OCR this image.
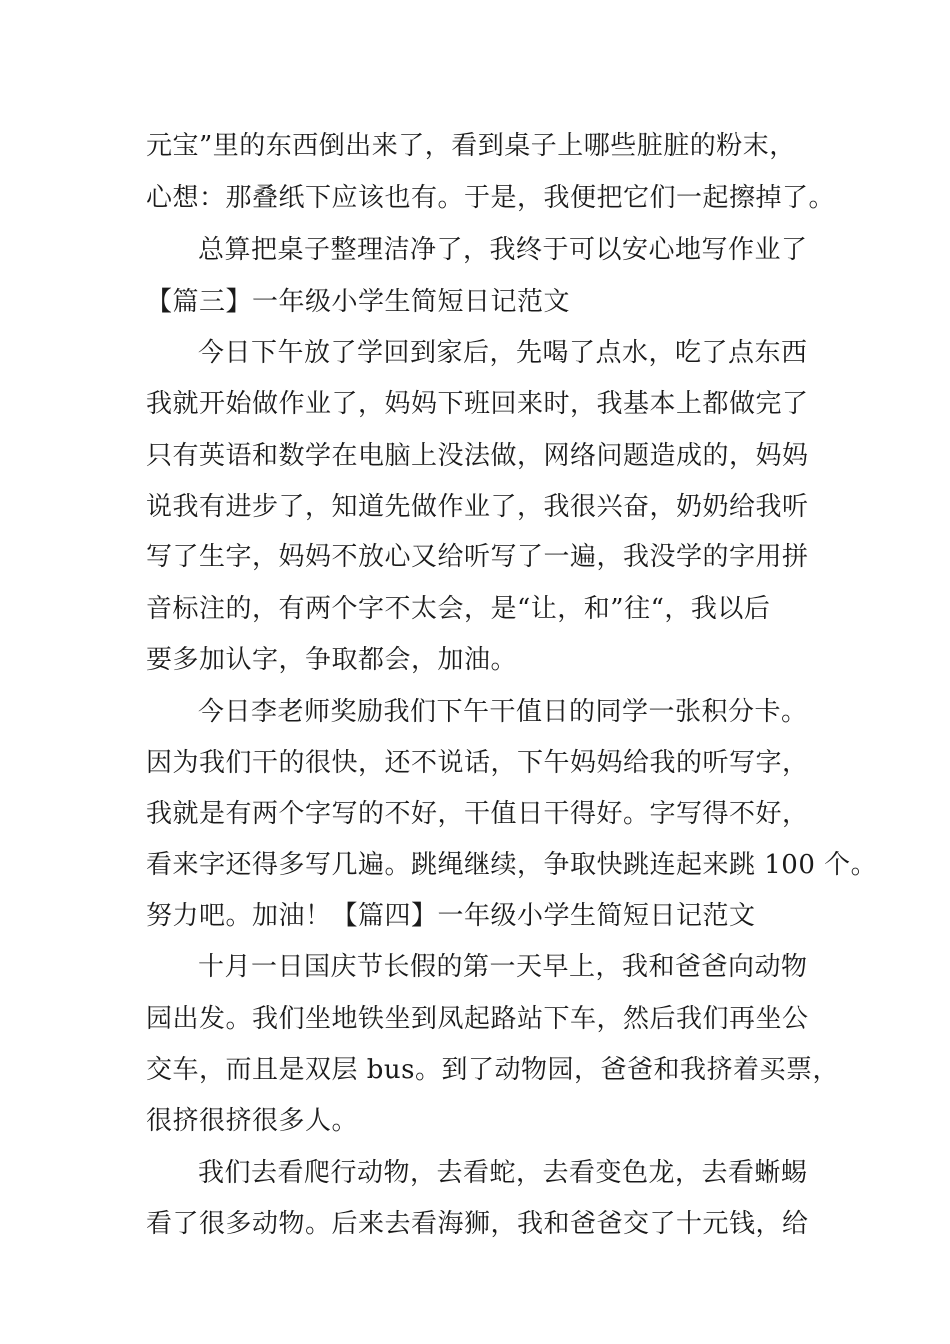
元宝”里的东西倒出来了，看到桌子上哪些脏脏的粉末，
心想：那叠纸下应该也有。于是，我便把它们一起擦掉了。
总算把桌子整理洁净了，我终于可以安心地写作业了
【篇三】一年级小学生简短日记范文
今日下午放了学回到家后，先喝了点水，吃了点东西
我就开始做作业了，妈妈下班回来时，我基本上都做完了
只有英语和数学在电脑上没法做，网络问题造成的，妈妈
说我有进步了，知道先做作业了，我很兴奋，奶奶给我听
写了生字，妈妈不放心又给听写了一遍，我没学的字用拼
音标注的，有两个字不太会，是“让，和”往“，我以后
要多加认字，争取都会，加油。
今日李老师奖励我们下午干值日的同学一张积分卡。
因为我们干的很快，还不说话，下午妈妈给我的听写字，
我就是有两个字写的不好，干值日干得好。字写得不好，
看来字还得多写几遍。跳绳继续，争取快跳连起来跳 100 个。
努力吧。加油！【篇四】一年级小学生简短日记范文
十月一日国庆节长假的第一天早上，我和爸爸向动物
园出发。我们坐地铁坐到凤起路站下车，然后我们再坐公
交车，而且是双层 bus。到了动物园，爸爸和我挤着买票，
很挤很挤很多人。
我们去看爬行动物，去看蛇，去看变色龙，去看蜥蜴
看了很多动物。后来去看海狮，我和爸爸交了十元钱，给
